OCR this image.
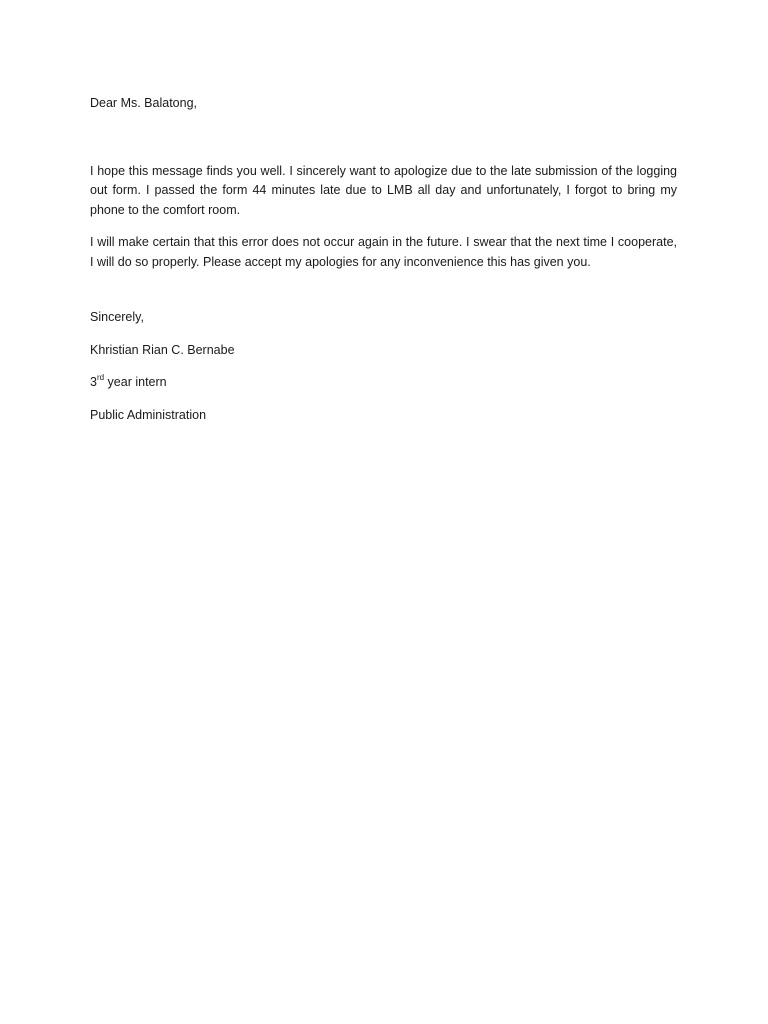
Dear Ms. Balatong,

I hope this message finds you well. I sincerely want to apologize due to the late submission of the logging out form. I passed the form 44 minutes late due to LMB all day and unfortunately, I forgot to bring my phone to the comfort room.

I will make certain that this error does not occur again in the future. I swear that the next time I cooperate, I will do so properly. Please accept my apologies for any inconvenience this has given you.

Sincerely,

Khristian Rian C. Bernabe

3rd year intern

Public Administration
